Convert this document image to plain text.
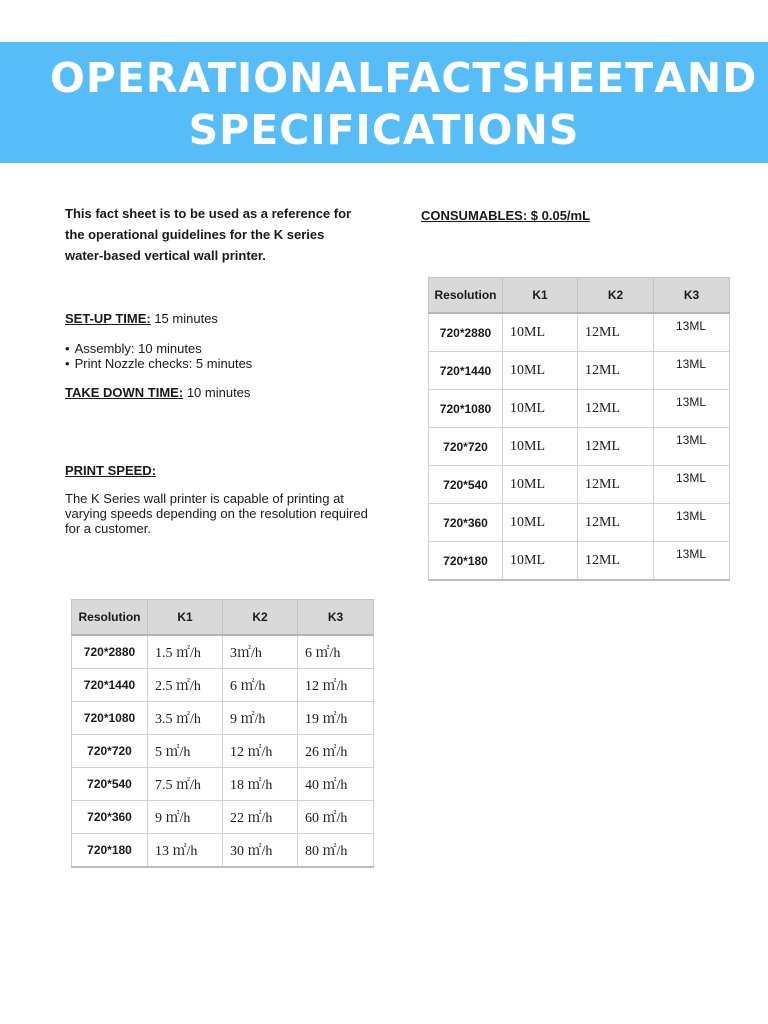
OPERATIONAL FACT SHEET AND
SPECIFICATIONS
This fact sheet is to be used as a reference for the operational guidelines for the K series water-based vertical wall printer.
SET-UP TIME: 15 minutes
• Assembly: 10 minutes
• Print Nozzle checks: 5 minutes
TAKE DOWN TIME: 10 minutes
PRINT SPEED:
The K Series wall printer is capable of printing at varying speeds depending on the resolution required for a customer.
CONSUMABLES: $ 0.05/mL
Resolution	K1	K2	K3
720*2880	10ML	12ML	13ML
720*1440	10ML	12ML	13ML
720*1080	10ML	12ML	13ML
720*720	10ML	12ML	13ML
720*540	10ML	12ML	13ML
720*360	10ML	12ML	13ML
720*180	10ML	12ML	13ML
Resolution	K1	K2	K3
720*2880	1.5 ㎡/h	3㎡/h	6 ㎡/h
720*1440	2.5 ㎡/h	6 ㎡/h	12 ㎡/h
720*1080	3.5 ㎡/h	9 ㎡/h	19 ㎡/h
720*720	5 ㎡/h	12 ㎡/h	26 ㎡/h
720*540	7.5 ㎡/h	18 ㎡/h	40 ㎡/h
720*360	9 ㎡/h	22 ㎡/h	60 ㎡/h
720*180	13 ㎡/h	30 ㎡/h	80 ㎡/h
